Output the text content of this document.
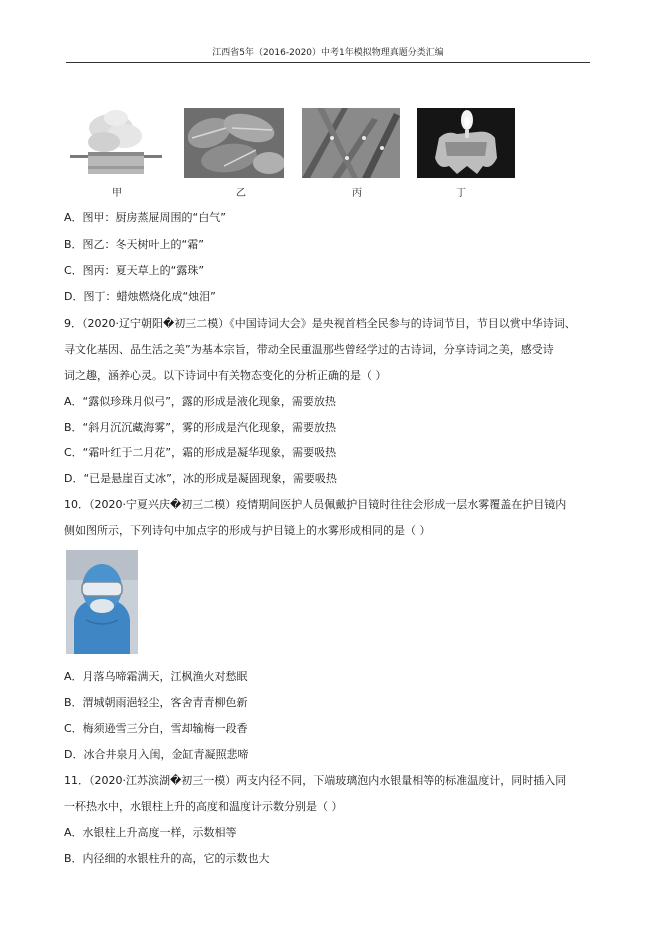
江西省5年（2016-2020）中考1年模拟物理真题分类汇编
甲	乙	丙	丁
A．图甲：厨房蒸屉周围的“白气”
B．图乙：冬天树叶上的“霜”
C．图丙：夏天草上的“露珠”
D．图丁：蜡烛燃烧化成“烛泪”
9．（2020·辽宁朝阳�初三二模）《中国诗词大会》是央视首档全民参与的诗词节目，节目以赏中华诗词、
寻文化基因、品生活之美”为基本宗旨，带动全民重温那些曾经学过的古诗词，分享诗词之美，感受诗
词之趣，涵养心灵。以下诗词中有关物态变化的分析正确的是（ ）
A．“露似珍珠月似弓”，露的形成是液化现象，需要放热
B．“斜月沉沉藏海雾”，雾的形成是汽化现象，需要放热
C．“霜叶红于二月花”，霜的形成是凝华现象，需要吸热
D．“已是悬崖百丈冰”，冰的形成是凝固现象，需要吸热
10．（2020·宁夏兴庆�初三二模）疫情期间医护人员佩戴护目镜时往往会形成一层水雾覆盖在护目镜内
侧如图所示，下列诗句中加点字的形成与护目镜上的水雾形成相同的是（ ）
A．月落乌啼霜满天，江枫渔火对愁眠
B．渭城朝雨浥轻尘，客舍青青柳色新
C．梅须逊雪三分白，雪却输梅一段香
D．冰合井泉月入闺，金缸青凝照悲啼
11．（2020·江苏滨湖�初三一模）两支内径不同，下端玻璃泡内水银量相等的标准温度计，同时插入同
一杯热水中，水银柱上升的高度和温度计示数分别是（ ）
A．水银柱上升高度一样，示数相等
B．内径细的水银柱升的高，它的示数也大
